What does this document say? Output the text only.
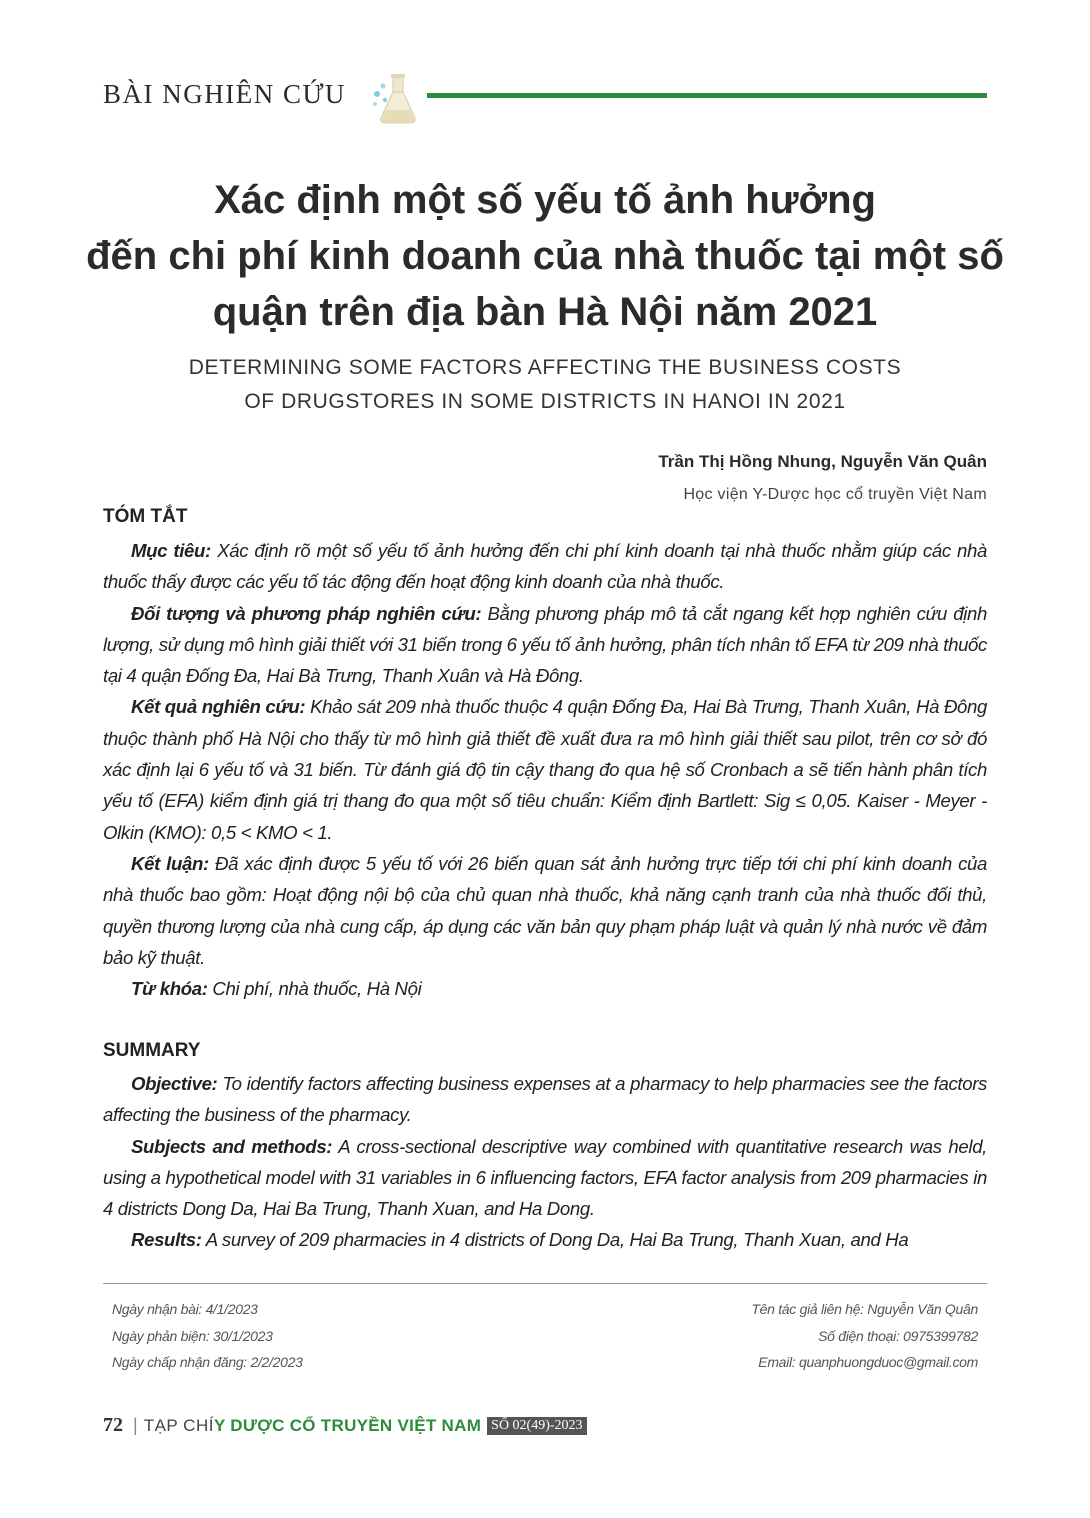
BÀI NGHIÊN CỨU
Xác định một số yếu tố ảnh hưởng
đến chi phí kinh doanh của nhà thuốc tại một số
quận trên địa bàn Hà Nội năm 2021
DETERMINING SOME FACTORS AFFECTING THE BUSINESS COSTS
OF DRUGSTORES IN SOME DISTRICTS IN HANOI IN 2021
Trần Thị Hồng Nhung, Nguyễn Văn Quân
Học viện Y-Dược học cổ truyền Việt Nam
TÓM TẮT
Mục tiêu: Xác định rõ một số yếu tố ảnh hưởng đến chi phí kinh doanh tại nhà thuốc nhằm giúp các nhà thuốc thấy được các yếu tố tác động đến hoạt động kinh doanh của nhà thuốc.
Đối tượng và phương pháp nghiên cứu: Bằng phương pháp mô tả cắt ngang kết hợp nghiên cứu định lượng, sử dụng mô hình giải thiết với 31 biến trong 6 yếu tố ảnh hưởng, phân tích nhân tố EFA từ 209 nhà thuốc tại 4 quận Đống Đa, Hai Bà Trưng, Thanh Xuân và Hà Đông.
Kết quả nghiên cứu: Khảo sát 209 nhà thuốc thuộc 4 quận Đống Đa, Hai Bà Trưng, Thanh Xuân, Hà Đông thuộc thành phố Hà Nội cho thấy từ mô hình giả thiết đề xuất đưa ra mô hình giải thiết sau pilot, trên cơ sở đó xác định lại 6 yếu tố và 31 biến. Từ đánh giá độ tin cậy thang đo qua hệ số Cronbach a sẽ tiến hành phân tích yếu tố (EFA) kiểm định giá trị thang đo qua một số tiêu chuẩn: Kiểm định Bartlett: Sig ≤ 0,05. Kaiser - Meyer - Olkin (KMO): 0,5 < KMO < 1.
Kết luận: Đã xác định được 5 yếu tố với 26 biến quan sát ảnh hưởng trực tiếp tới chi phí kinh doanh của nhà thuốc bao gồm: Hoạt động nội bộ của chủ quan nhà thuốc, khả năng cạnh tranh của nhà thuốc đối thủ, quyền thương lượng của nhà cung cấp, áp dụng các văn bản quy phạm pháp luật và quản lý nhà nước về đảm bảo kỹ thuật.
Từ khóa: Chi phí, nhà thuốc, Hà Nội
SUMMARY
Objective: To identify factors affecting business expenses at a pharmacy to help pharmacies see the factors affecting the business of the pharmacy.
Subjects and methods: A cross-sectional descriptive way combined with quantitative research was held, using a hypothetical model with 31 variables in 6 influencing factors, EFA factor analysis from 209 pharmacies in 4 districts Dong Da, Hai Ba Trung, Thanh Xuan, and Ha Dong.
Results: A survey of 209 pharmacies in 4 districts of Dong Da, Hai Ba Trung, Thanh Xuan, and Ha
Ngày nhận bài: 4/1/2023
Ngày phản biện: 30/1/2023
Ngày chấp nhận đăng: 2/2/2023
Tên tác giả liên hệ: Nguyễn Văn Quân
Số điện thoại: 0975399782
Email: quanphuongduoc@gmail.com
72 | TẠP CHÍY DƯỢC CỔ TRUYỀN VIỆT NAM SỐ 02(49)-2023
